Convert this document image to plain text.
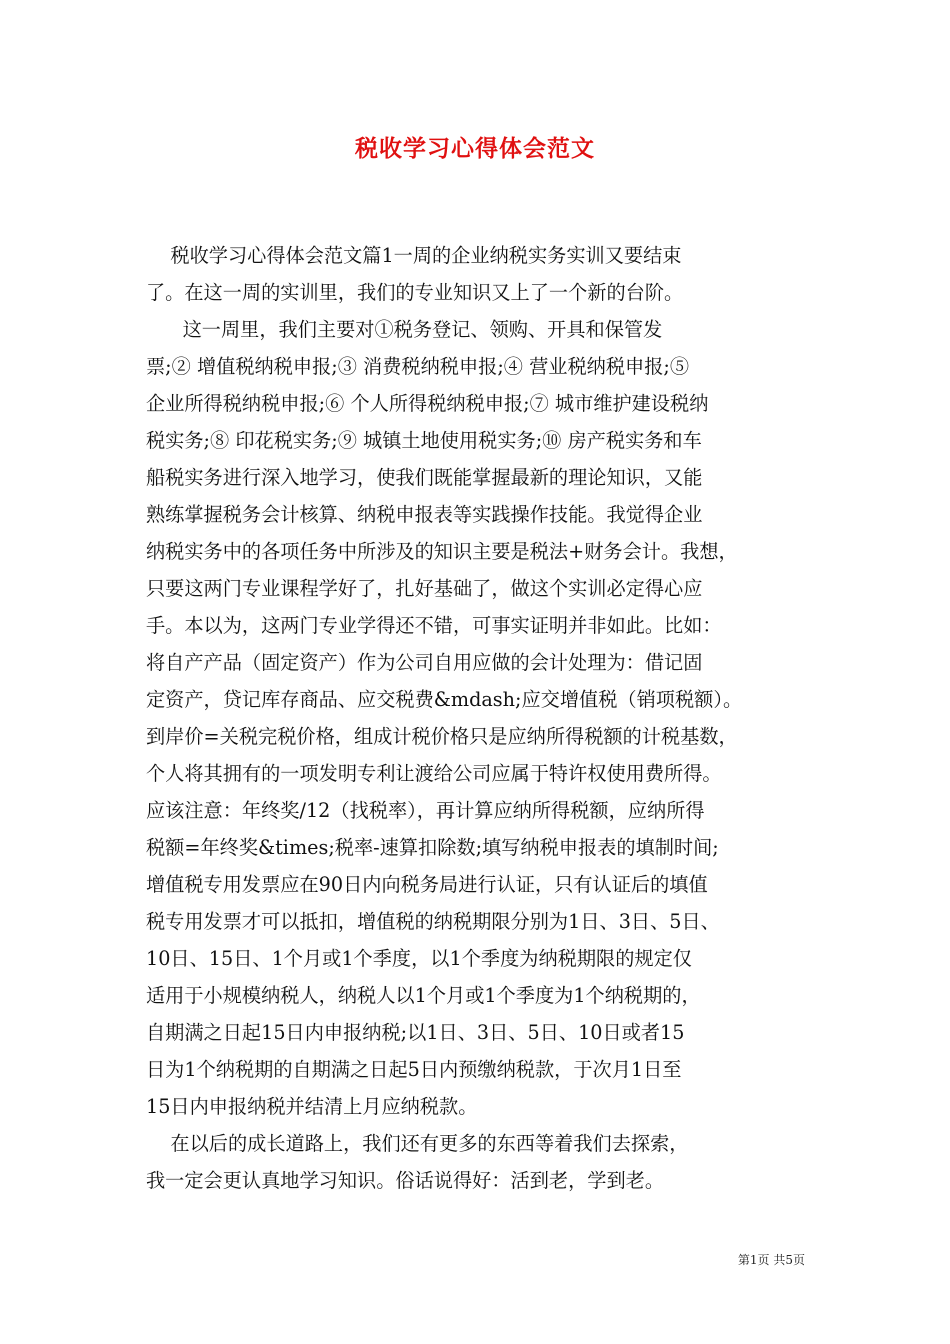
税收学习心得体会范文
税收学习心得体会范文篇1一周的企业纳税实务实训又要结束
了。在这一周的实训里，我们的专业知识又上了一个新的台阶。
这一周里，我们主要对①税务登记、领购、开具和保管发
票;② 增值税纳税申报;③ 消费税纳税申报;④ 营业税纳税申报;⑤
企业所得税纳税申报;⑥ 个人所得税纳税申报;⑦ 城市维护建设税纳
税实务;⑧ 印花税实务;⑨ 城镇土地使用税实务;⑩ 房产税实务和车
船税实务进行深入地学习，使我们既能掌握最新的理论知识，又能
熟练掌握税务会计核算、纳税申报表等实践操作技能。我觉得企业
纳税实务中的各项任务中所涉及的知识主要是税法+财务会计。我想，
只要这两门专业课程学好了，扎好基础了，做这个实训必定得心应
手。本以为，这两门专业学得还不错，可事实证明并非如此。比如：
将自产产品（固定资产）作为公司自用应做的会计处理为：借记固
定资产，贷记库存商品、应交税费&mdash;应交增值税（销项税额）。
到岸价=关税完税价格，组成计税价格只是应纳所得税额的计税基数，
个人将其拥有的一项发明专利让渡给公司应属于特许权使用费所得。
应该注意：年终奖/12（找税率），再计算应纳所得税额，应纳所得
税额=年终奖&times;税率-速算扣除数;填写纳税申报表的填制时间;
增值税专用发票应在90日内向税务局进行认证，只有认证后的填值
税专用发票才可以抵扣，增值税的纳税期限分别为1日、3日、5日、
10日、15日、1个月或1个季度，以1个季度为纳税期限的规定仅
适用于小规模纳税人，纳税人以1个月或1个季度为1个纳税期的，
自期满之日起15日内申报纳税;以1日、3日、5日、10日或者15
日为1个纳税期的自期满之日起5日内预缴纳税款，于次月1日至
15日内申报纳税并结清上月应纳税款。
在以后的成长道路上，我们还有更多的东西等着我们去探索，
我一定会更认真地学习知识。俗话说得好：活到老，学到老。
第1页 共5页
